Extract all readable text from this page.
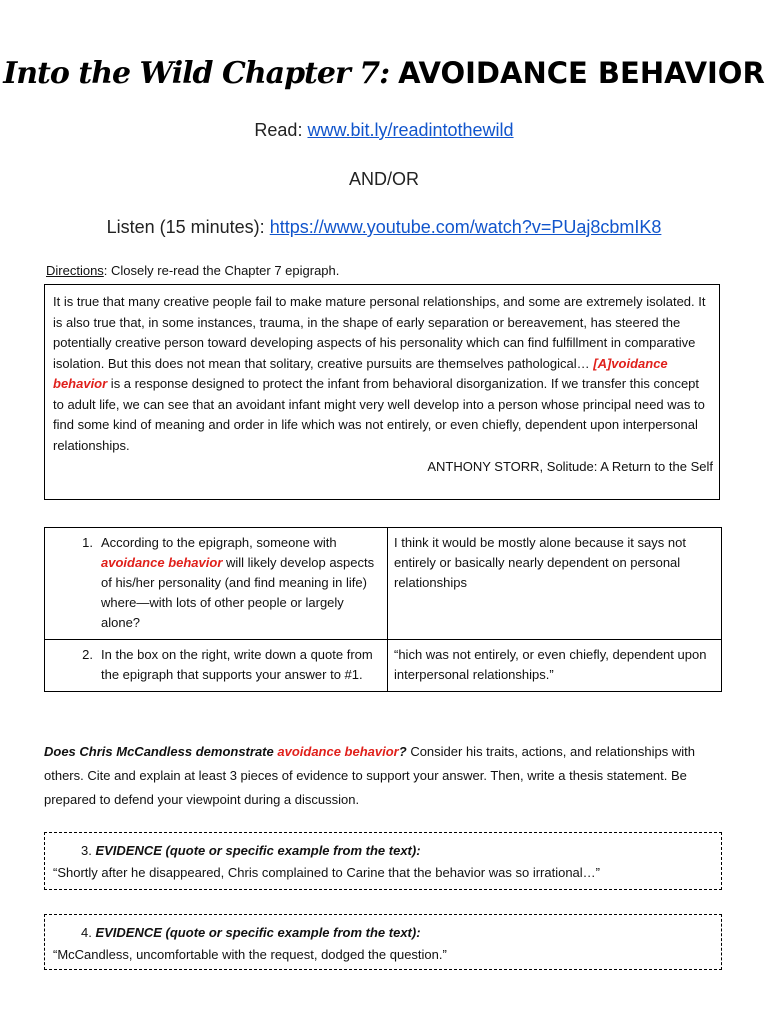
Into the Wild Chapter 7: AVOIDANCE BEHAVIOR
Read: www.bit.ly/readintothewild
AND/OR
Listen (15 minutes): https://www.youtube.com/watch?v=PUaj8cbmIK8
Directions: Closely re-read the Chapter 7 epigraph.
It is true that many creative people fail to make mature personal relationships, and some are extremely isolated. It is also true that, in some instances, trauma, in the shape of early separation or bereavement, has steered the potentially creative person toward developing aspects of his personality which can find fulfillment in comparative isolation. But this does not mean that solitary, creative pursuits are themselves pathological… [A]voidance behavior is a response designed to protect the infant from behavioral disorganization. If we transfer this concept to adult life, we can see that an avoidant infant might very well develop into a person whose principal need was to find some kind of meaning and order in life which was not entirely, or even chiefly, dependent upon interpersonal relationships.
ANTHONY STORR, Solitude: A Return to the Self
1. According to the epigraph, someone with avoidance behavior will likely develop aspects of his/her personality (and find meaning in life) where—with lots of other people or largely alone?	I think it would be mostly alone because it says not entirely or basically nearly dependent on personal relationships

2. In the box on the right, write down a quote from the epigraph that supports your answer to #1.	“hich was not entirely, or even chiefly, dependent upon interpersonal relationships.”
Does Chris McCandless demonstrate avoidance behavior? Consider his traits, actions, and relationships with others. Cite and explain at least 3 pieces of evidence to support your answer. Then, write a thesis statement. Be prepared to defend your viewpoint during a discussion.
3. EVIDENCE (quote or specific example from the text):
“Shortly after he disappeared, Chris complained to Carine that the behavior was so irrational…”
4. EVIDENCE (quote or specific example from the text):
“McCandless, uncomfortable with the request, dodged the question.”
